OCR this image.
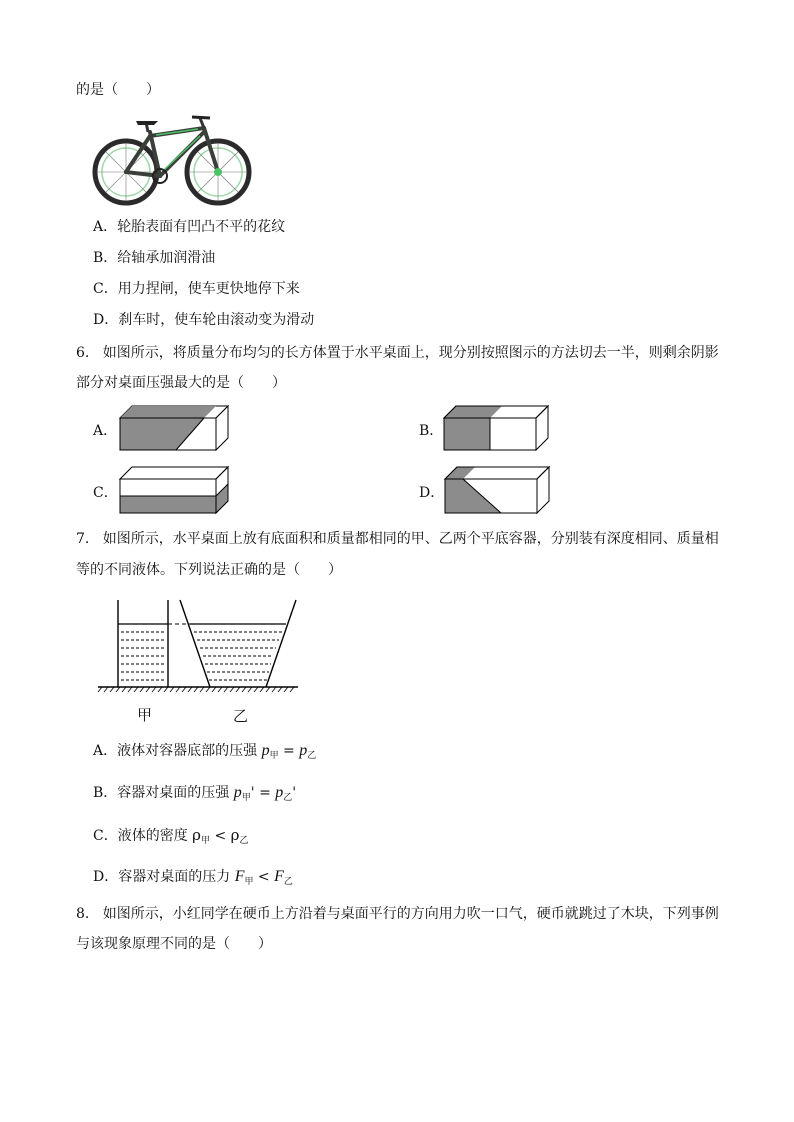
的是（　　）
A．轮胎表面有凹凸不平的花纹
B．给轴承加润滑油
C．用力捏闸，使车更快地停下来
D．刹车时，使车轮由滚动变为滑动
6. 如图所示，将质量分布均匀的长方体置于水平桌面上，现分别按照图示的方法切去一半，则剩余阴影
部分对桌面压强最大的是（　　）
A．	B．
C．	D．
7. 如图所示，水平桌面上放有底面积和质量都相同的甲、乙两个平底容器，分别装有深度相同、质量相
等的不同液体。下列说法正确的是（　　）
甲	乙
A．液体对容器底部的压强 $p_甲 = p_乙$
B．容器对桌面的压强 $p_甲' = p_乙'$
C．液体的密度 $\rho_甲 < \rho_乙$
D．容器对桌面的压力 $F_甲 < F_乙$
8. 如图所示，小红同学在硬币上方沿着与桌面平行的方向用力吹一口气，硬币就跳过了木块，下列事例
与该现象原理不同的是（　　）
